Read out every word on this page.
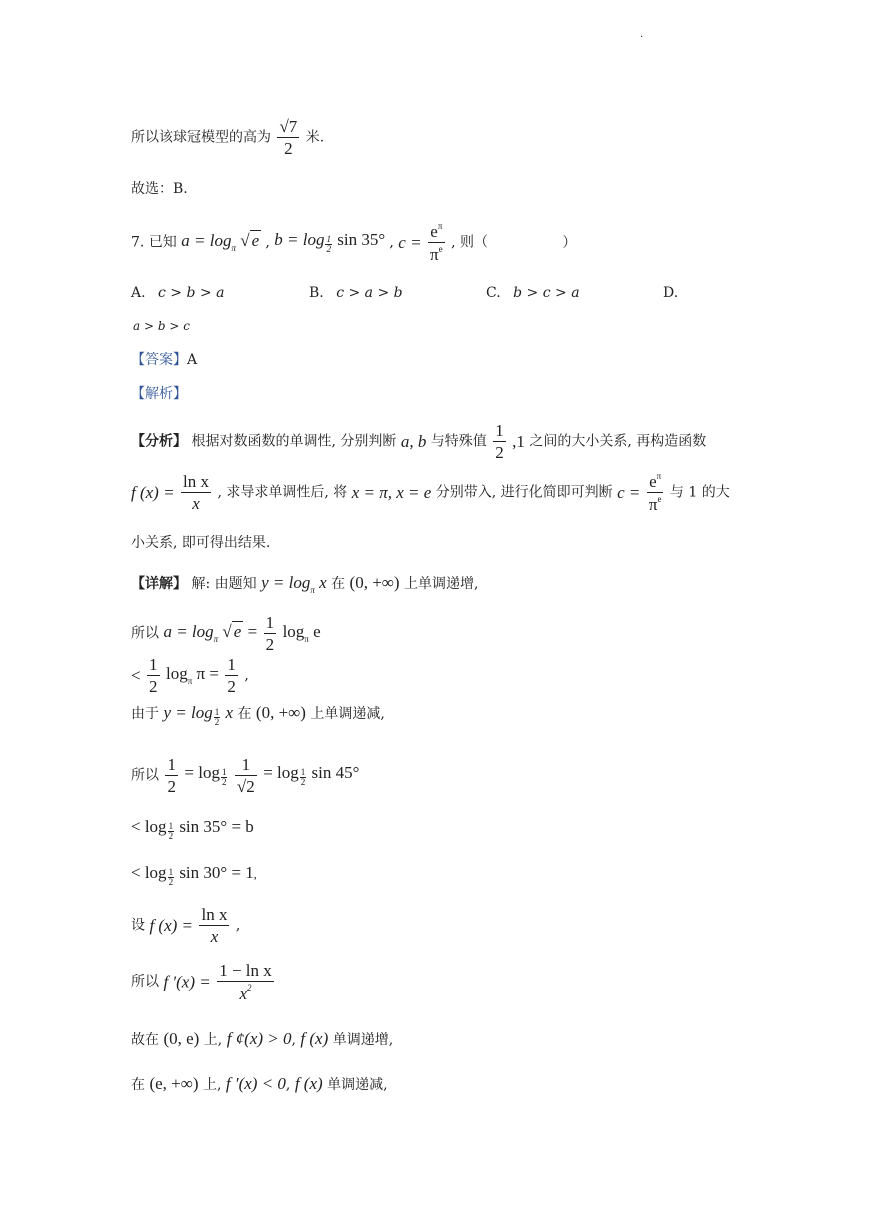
.
所以该球冠模型的高为 $\frac{√7}{2}$ 米.
故选：B.
7. 已知 $a = \log_\pi$ √ e , $b = \log \frac{1}{2}$ sin 35° , $c = \frac{e^\pi}{\pi^e}$ , 则（	）
A. c > b > a	B. c > a > b	C. b > c > a	D.
a > b > c
【答案】A
【解析】
【分析】 根据对数函数的单调性, 分别判断 a, b 与特殊值 $\frac{1}{2} ,1$ 之间的大小关系, 再构造函数
f $(x) = \frac{\text{ln x}}{x}$ , 求导求单调性后, 将 x = π, x = e 分别带入, 进行化简即可判断 $c = \frac{e^\pi}{\pi^e}$ 与 1 的大
小关系, 即可得出结果.
【详解】 解: 由题知 $y = \log_\pi x$ 在 (0, +∞) 上单调递增,
所以 $a = \log_\pi$ √ $e = \frac{1}{2} \log_\pi e$
< $\frac{1}{2} \log_\pi \pi = \frac{1}{2}$ ,
由于 $y = \log \frac{1}{2}$ x 在 (0, +∞) 上单调递减,
所以 $\frac{1}{2} = \log \frac{1}{2}$
$\frac{1}{√2} = \log \frac{1}{2}$ sin 45°
< $\log \frac{1}{2}$ sin 35° = b
< $\log \frac{1}{2}$ sin 30° = 1,
设 f $(x) = \frac{\text{ln x}}{x}$ ,
所以 f $'(x) = \frac{\text{1 − ln x}}{x^2}$
故在 (0, e) 上, f ¢(x) > 0, f (x) 单调递增,
在 (e, +∞) 上, f ′(x) < 0, f (x) 单调递减,
